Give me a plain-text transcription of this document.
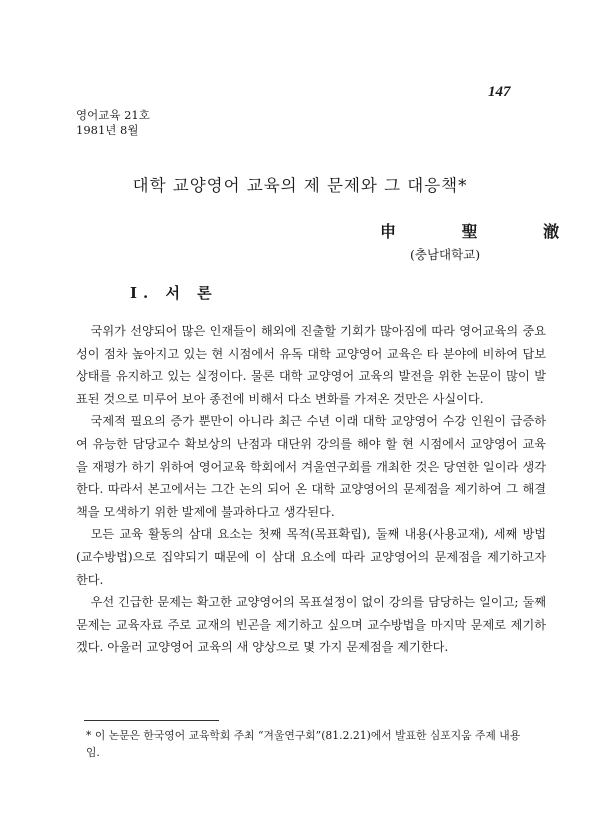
147
영어교육 21호
1981년 8월
대학 교양영어 교육의 제 문제와 그 대응책*
申 聖 澈
(충남대학교)
I. 서 론

국위가 선양되어 많은 인재들이 해외에 진출할 기회가 많아짐에 따라 영어교육의 중요성이 점차 높아지고 있는 현 시점에서 유독 대학 교양영어 교육은 타 분야에 비하여 답보 상태를 유지하고 있는 실정이다. 물론 대학 교양영어 교육의 발전을 위한 논문이 많이 발표된 것으로 미루어 보아 종전에 비해서 다소 변화를 가져온 것만은 사실이다.

국제적 필요의 증가 뿐만이 아니라 최근 수년 이래 대학 교양영어 수강 인원이 급증하여 유능한 담당교수 확보상의 난점과 대단위 강의를 해야 할 현 시점에서 교양영어 교육을 재평가 하기 위하여 영어교육 학회에서 겨울연구회를 개최한 것은 당연한 일이라 생각한다. 따라서 본고에서는 그간 논의 되어 온 대학 교양영어의 문제점을 제기하여 그 해결책을 모색하기 위한 발제에 불과하다고 생각된다.

모든 교육 활동의 삼대 요소는 첫째 목적(목표확립), 둘째 내용(사용교재), 세째 방법(교수방법)으로 집약되기 때문에 이 삼대 요소에 따라 교양영어의 문제점을 제기하고자 한다.

우선 긴급한 문제는 확고한 교양영어의 목표설정이 없이 강의를 담당하는 일이고; 둘째 문제는 교육자료 주로 교재의 빈곤을 제기하고 싶으며 교수방법을 마지막 문제로 제기하겠다. 아울러 교양영어 교육의 새 양상으로 몇 가지 문제점을 제기한다.

* 이 논문은 한국영어 교육학회 주최 “겨울연구회”(81.2.21)에서 발표한 심포지움 주제 내용임.
